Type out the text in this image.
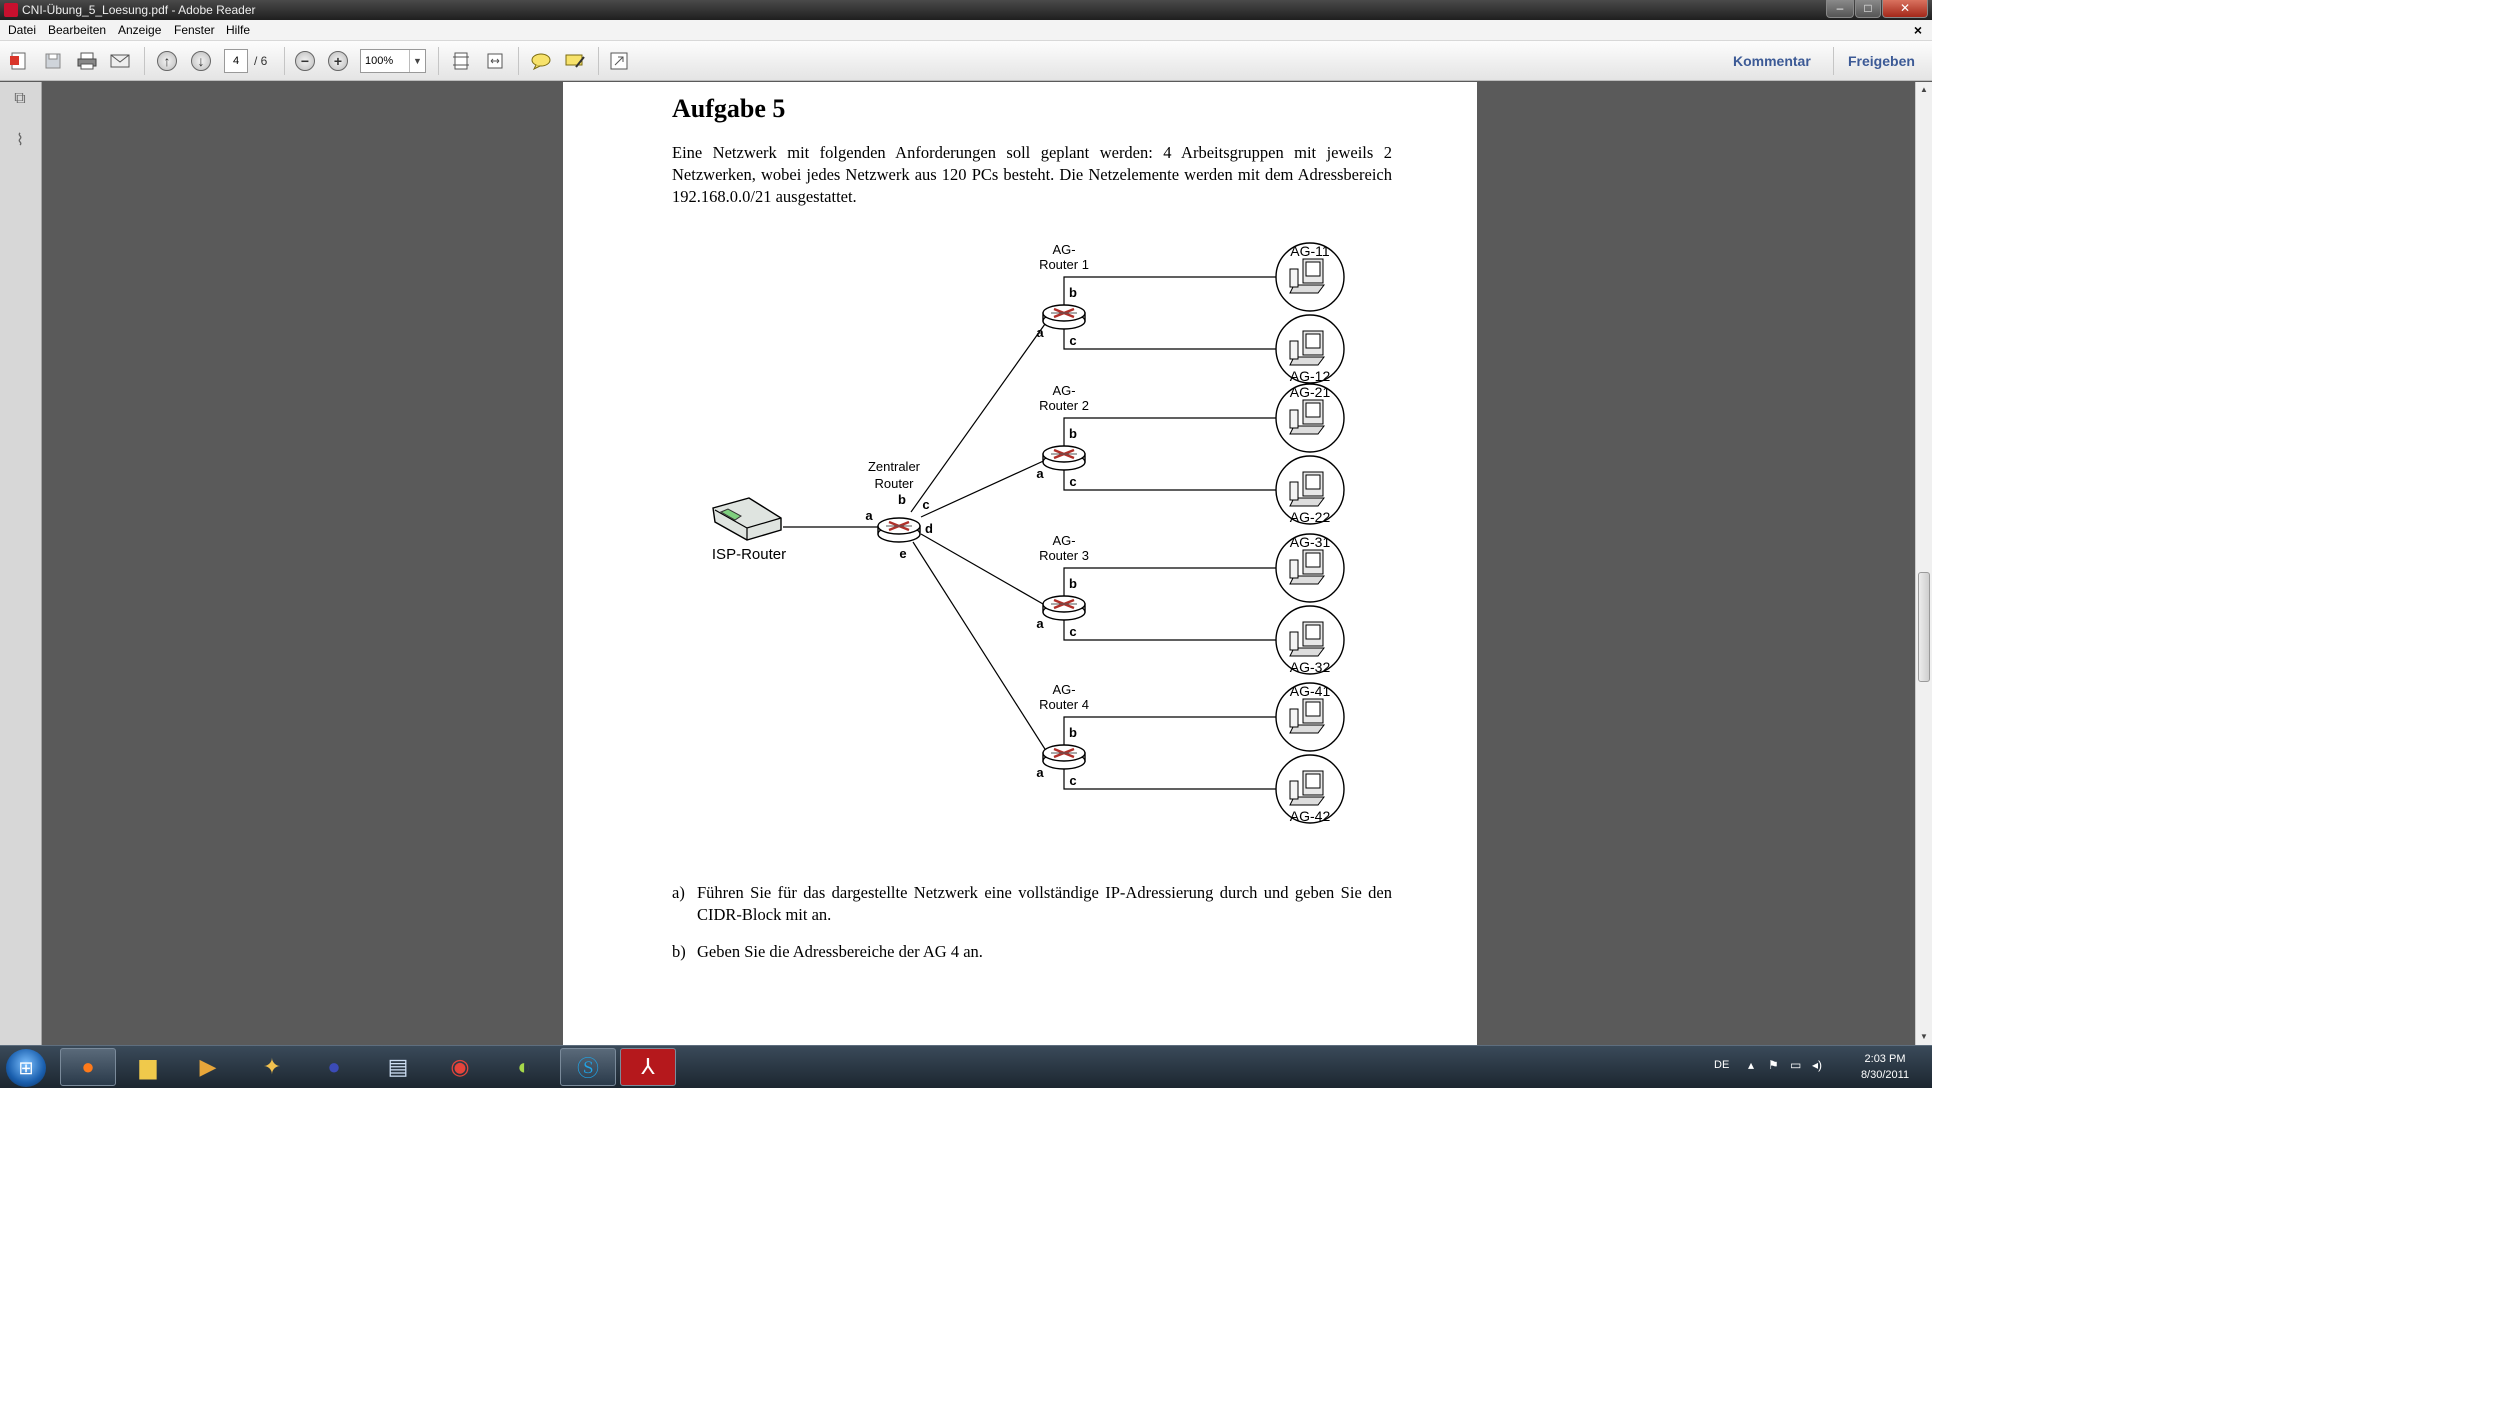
CNI-Übung_5_Loesung.pdf - Adobe Reader	–	□	✕
Datei Bearbeiten Anzeige Fenster Hilfe	×
↑	↓	4	/ 6	−	+	100%	▼	Kommentar	Freigeben
⧉
⌇
Aufgabe 5
Eine Netzwerk mit folgenden Anforderungen soll geplant werden: 4 Arbeitsgruppen mit jeweils 2 Netzwerken, wobei jedes Netzwerk aus 120 PCs besteht. Die Netzelemente werden mit dem Adressbereich 192.168.0.0/21 ausgestattet.
ISP-Router
Zentraler
Router
a
b c
d
e
AG-
Router 1
a
b
c
AG-11
AG-12
AG-
Router 2
a
b
c
AG-21
AG-22
AG-
Router 3
a
b
c
AG-31
AG-32
AG-
Router 4
a
b
c
AG-41
AG-42
a) Führen Sie für das dargestellte Netzwerk eine vollständige IP-Adressierung durch und geben Sie den CIDR-Block mit an.
b) Geben Sie die Adressbereiche der AG 4 an.
▲
▼
⊞	●	▆	▶	✦	●	▤	◉	◐	Ⓢ	⅄	DE ▴ ⚑ ▭ ◂)	2:03 PM
8/30/2011
